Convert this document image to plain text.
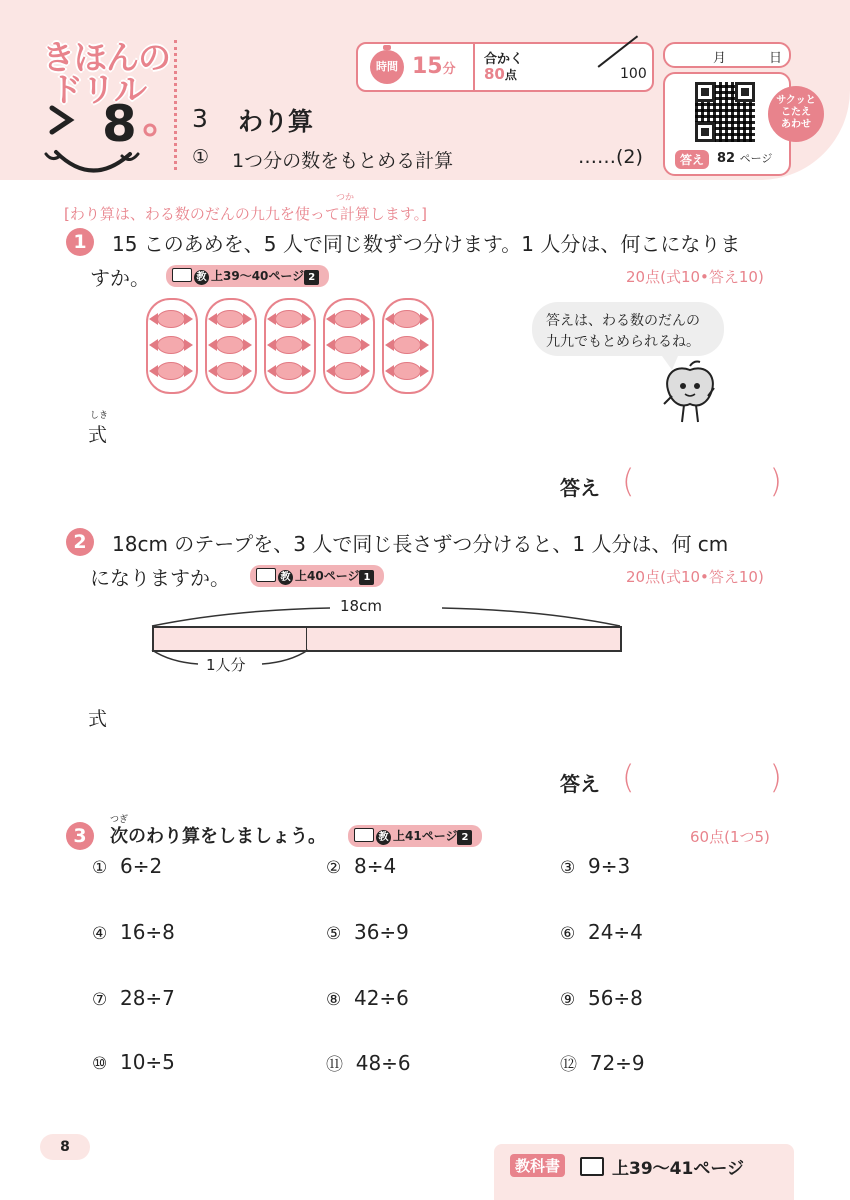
きほんの
ドリル
8
時間 15分
合かく
80点	100
月	日
答え 82 ページ
サクッと
こたえ
あわせ
3 わり算
① 1つ分の数をもとめる計算	……(2)
つか
[わり算は、わる数のだんの九九を使って計算します。]
1	15 このあめを、5 人で同じ数ずつ分けます。1 人分は、何こになりま
すか。	教 上39〜40ページ 2	20点(式10•答え10)
答えは、わる数のだんの
九九でもとめられるね。
しき
式
答え (	)
2	18cm のテープを、3 人で同じ長さずつ分けると、1 人分は、何 cm
になりますか。	教 上40ページ 1	20点(式10•答え10)
18cm
1人分
式
答え (	)
3
つぎ
次のわり算をしましょう。	教 上41ページ 2	60点(1つ5)
① 6÷2	② 8÷4	③ 9÷3
④ 16÷8	⑤ 36÷9	⑥ 24÷4
⑦ 28÷7	⑧ 42÷6	⑨ 56÷8
⑩ 10÷5	⑪ 48÷6	⑫ 72÷9
8
教科書	上39〜41ページ
